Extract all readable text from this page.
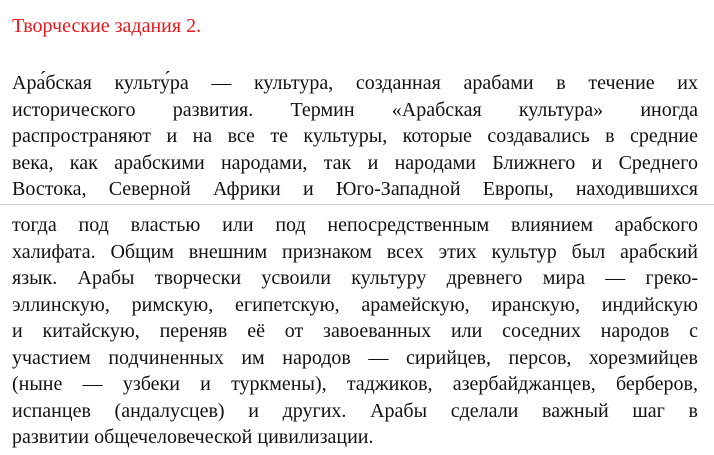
Творческие задания 2.
Ара́бская культу́ра — культура, созданная арабами в течение их
исторического развития. Термин «Арабская культура» иногда
распространяют и на все те культуры, которые создавались в средние
века, как арабскими народами, так и народами Ближнего и Среднего
Востока, Северной Африки и Юго-Западной Европы, находившихся
тогда под властью или под непосредственным влиянием арабского
халифата. Общим внешним признаком всех этих культур был арабский
язык. Арабы творчески усвоили культуру древнего мира — греко-
эллинскую, римскую, египетскую, арамейскую, иранскую, индийскую
и китайскую, переняв её от завоеванных или соседних народов с
участием подчиненных им народов — сирийцев, персов, хорезмийцев
(ныне — узбеки и туркмены), таджиков, азербайджанцев, берберов,
испанцев (андалусцев) и других. Арабы сделали важный шаг в
развитии общечеловеческой цивилизации.
